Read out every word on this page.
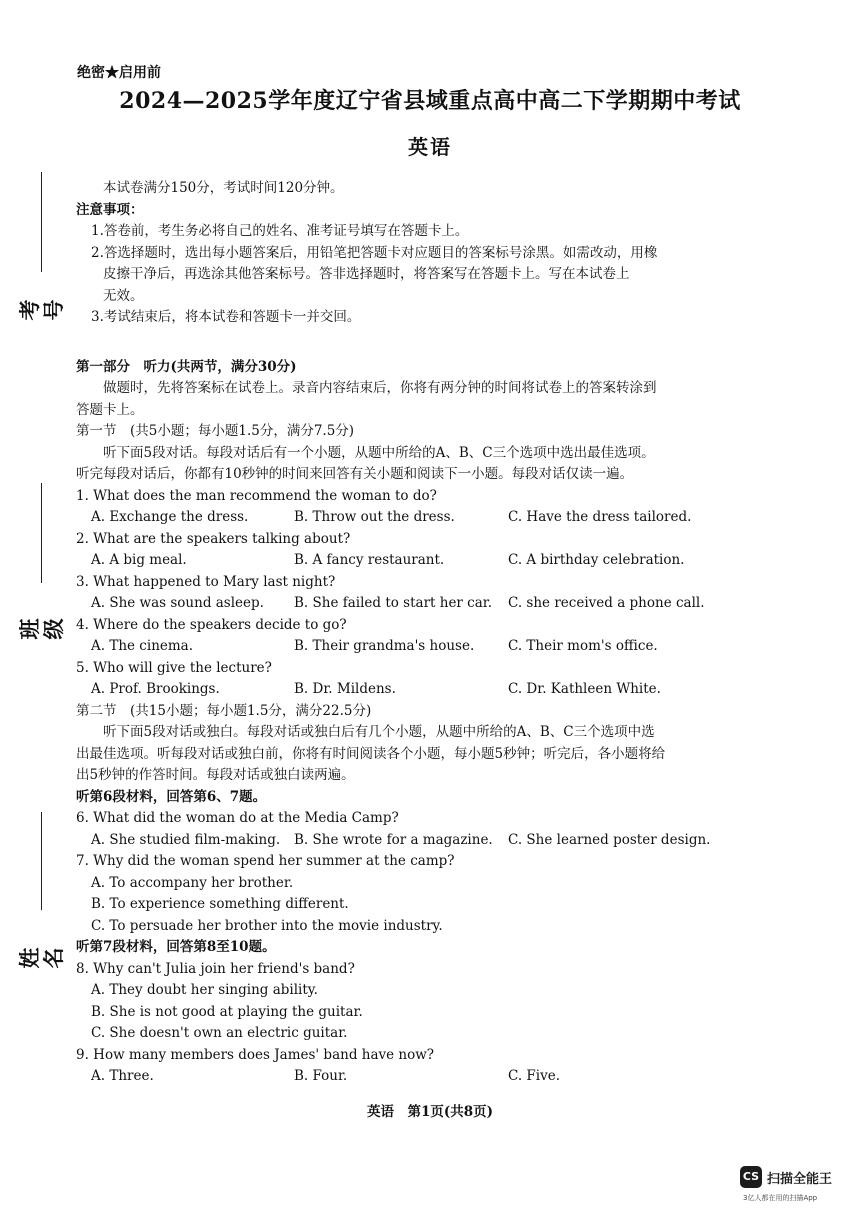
绝密★启用前
2024—2025学年度辽宁省县域重点高中高二下学期期中考试
英语
考号
班级
姓名
本试卷满分150分，考试时间120分钟。
注意事项：
1.答卷前，考生务必将自己的姓名、准考证号填写在答题卡上。
2.答选择题时，选出每小题答案后，用铅笔把答题卡对应题目的答案标号涂黑。如需改动，用橡
皮擦干净后，再选涂其他答案标号。答非选择题时，将答案写在答题卡上。写在本试卷上
无效。
3.考试结束后，将本试卷和答题卡一并交回。
第一部分　听力(共两节，满分30分)
做题时，先将答案标在试卷上。录音内容结束后，你将有两分钟的时间将试卷上的答案转涂到
答题卡上。
第一节　(共5小题；每小题1.5分，满分7.5分)
听下面5段对话。每段对话后有一个小题，从题中所给的A、B、C三个选项中选出最佳选项。
听完每段对话后，你都有10秒钟的时间来回答有关小题和阅读下一小题。每段对话仅读一遍。
1. What does the man recommend the woman to do?
A. Exchange the dress.	B. Throw out the dress.	C. Have the dress tailored.
2. What are the speakers talking about?
A. A big meal.	B. A fancy restaurant.	C. A birthday celebration.
3. What happened to Mary last night?
A. She was sound asleep. B. She failed to start her car. C. she received a phone call.
4. Where do the speakers decide to go?
A. The cinema.	B. Their grandma's house.	C. Their mom's office.
5. Who will give the lecture?
A. Prof. Brookings.	B. Dr. Mildens.	C. Dr. Kathleen White.
第二节　(共15小题；每小题1.5分，满分22.5分)
听下面5段对话或独白。每段对话或独白后有几个小题，从题中所给的A、B、C三个选项中选
出最佳选项。听每段对话或独白前，你将有时间阅读各个小题，每小题5秒钟；听完后，各小题将给
出5秒钟的作答时间。每段对话或独白读两遍。
听第6段材料，回答第6、7题。
6. What did the woman do at the Media Camp?
A. She studied film-making. B. She wrote for a magazine. C. She learned poster design.
7. Why did the woman spend her summer at the camp?
A. To accompany her brother.
B. To experience something different.
C. To persuade her brother into the movie industry.
听第7段材料，回答第8至10题。
8. Why can't Julia join her friend's band?
A. They doubt her singing ability.
B. She is not good at playing the guitar.
C. She doesn't own an electric guitar.
9. How many members does James' band have now?
A. Three.	B. Four.	C. Five.
英语　第1页(共8页)
CS 扫描全能王
3亿人都在用的扫描App
